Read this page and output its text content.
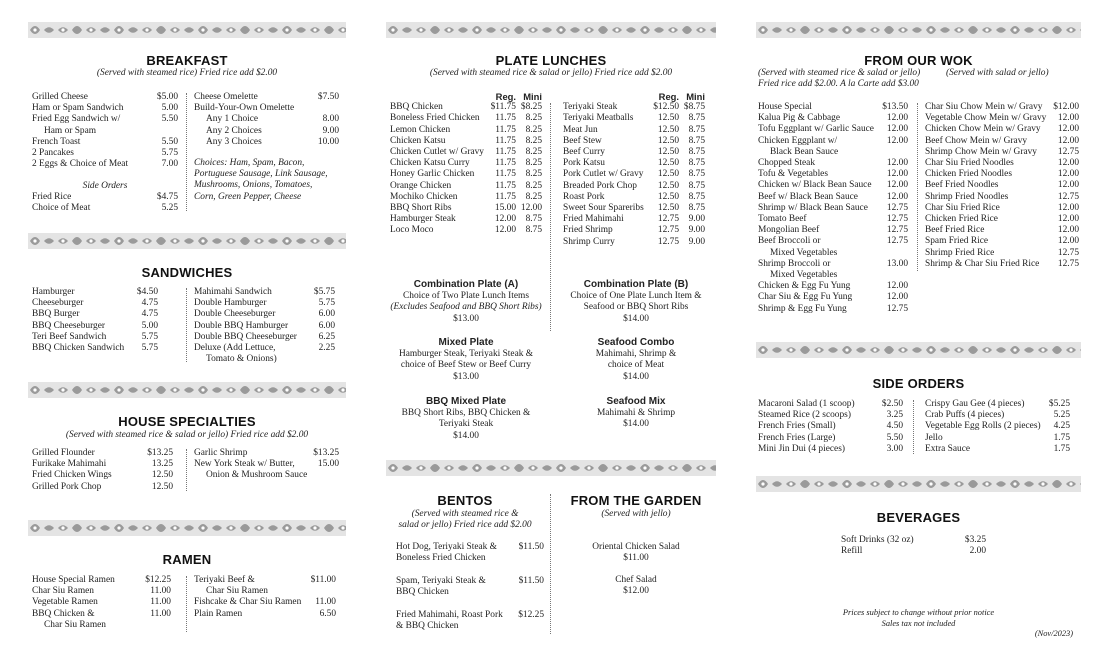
BREAKFAST
(Served with steamed rice) Fried rice add $2.00
Grilled Cheese	$5.00
Ham or Spam Sandwich	5.00
Fried Egg Sandwich w/	5.50
Ham or Spam
French Toast	5.50
2 Pancakes	5.75
2 Eggs & Choice of Meat	7.00
Side Orders
Fried Rice	$4.75
Choice of Meat	5.25
Cheese Omelette	$7.50
Build-Your-Own Omelette
Any 1 Choice	8.00
Any 2 Choices	9.00
Any 3 Choices	10.00
Choices: Ham, Spam, Bacon,
Portuguese Sausage, Link Sausage,
Mushrooms, Onions, Tomatoes,
Corn, Green Pepper, Cheese
SANDWICHES
Hamburger	$4.50
Cheeseburger	4.75
BBQ Burger	4.75
BBQ Cheeseburger	5.00
Teri Beef Sandwich	5.75
BBQ Chicken Sandwich	5.75
Mahimahi Sandwich	$5.75
Double Hamburger	5.75
Double Cheeseburger	6.00
Double BBQ Hamburger	6.00
Double BBQ Cheeseburger	6.25
Deluxe (Add Lettuce,	2.25
Tomato & Onions)
HOUSE SPECIALTIES
(Served with steamed rice & salad or jello) Fried rice add $2.00
Grilled Flounder	$13.25
Furikake Mahimahi	13.25
Fried Chicken Wings	12.50
Grilled Pork Chop	12.50
Garlic Shrimp	$13.25
New York Steak w/ Butter,	15.00
Onion & Mushroom Sauce
RAMEN
House Special Ramen	$12.25
Char Siu Ramen	11.00
Vegetable Ramen	11.00
BBQ Chicken &	11.00
Char Siu Ramen
Teriyaki Beef &	$11.00
Char Siu Ramen
Fishcake & Char Siu Ramen	11.00
Plain Ramen	6.50
PLATE LUNCHES
(Served with steamed rice & salad or jello) Fried rice add $2.00
Reg. Mini
BBQ Chicken	$11.75 $8.25
Boneless Fried Chicken	11.75	8.25
Lemon Chicken	11.75	8.25
Chicken Katsu	11.75	8.25
Chicken Cutlet w/ Gravy	11.75	8.25
Chicken Katsu Curry	11.75	8.25
Honey Garlic Chicken	11.75	8.25
Orange Chicken	11.75	8.25
Mochiko Chicken	11.75	8.25
BBQ Short Ribs	15.00 12.00
Hamburger Steak	12.00	8.75
Loco Moco	12.00	8.75
Reg. Mini
Teriyaki Steak	$12.50 $8.75
Teriyaki Meatballs	12.50	8.75
Meat Jun	12.50	8.75
Beef Stew	12.50	8.75
Beef Curry	12.50	8.75
Pork Katsu	12.50	8.75
Pork Cutlet w/ Gravy	12.50	8.75
Breaded Pork Chop	12.50	8.75
Roast Pork	12.50	8.75
Sweet Sour Spareribs	12.50	8.75
Fried Mahimahi	12.75	9.00
Fried Shrimp	12.75	9.00
Shrimp Curry	12.75	9.00
Combination Plate (A)
Choice of Two Plate Lunch Items
(Excludes Seafood and BBQ Short Ribs)
$13.00
Combination Plate (B)
Choice of One Plate Lunch Item &
Seafood or BBQ Short Ribs
$14.00
Mixed Plate
Hamburger Steak, Teriyaki Steak &
choice of Beef Stew or Beef Curry
$13.00
Seafood Combo
Mahimahi, Shrimp &
choice of Meat
$14.00
BBQ Mixed Plate
BBQ Short Ribs, BBQ Chicken &
Teriyaki Steak
$14.00
Seafood Mix
Mahimahi & Shrimp
$14.00
BENTOS
(Served with steamed rice &
salad or jello) Fried rice add $2.00
Hot Dog, Teriyaki Steak & $11.50
Boneless Fried Chicken
Spam, Teriyaki Steak &	$11.50
BBQ Chicken
Fried Mahimahi, Roast Pork $12.25
& BBQ Chicken
FROM THE GARDEN
(Served with jello)
Oriental Chicken Salad
$11.00
Chef Salad
$12.00
FROM OUR WOK
(Served with steamed rice & salad or jello)	(Served with salad or jello)
Fried rice add $2.00. A la Carte add $3.00
House Special	$13.50
Kalua Pig & Cabbage	12.00
Tofu Eggplant w/ Garlic Sauce	12.00
Chicken Eggplant w/	12.00
Black Bean Sauce
Chopped Steak	12.00
Tofu & Vegetables	12.00
Chicken w/ Black Bean Sauce	12.00
Beef w/ Black Bean Sauce	12.00
Shrimp w/ Black Bean Sauce	12.75
Tomato Beef	12.75
Mongolian Beef	12.75
Beef Broccoli or	12.75
Mixed Vegetables
Shrimp Broccoli or	13.00
Mixed Vegetables
Chicken & Egg Fu Yung	12.00
Char Siu & Egg Fu Yung	12.00
Shrimp & Egg Fu Yung	12.75
Char Siu Chow Mein w/ Gravy $12.00
Vegetable Chow Mein w/ Gravy	12.00
Chicken Chow Mein w/ Gravy	12.00
Beef Chow Mein w/ Gravy	12.00
Shrimp Chow Mein w/ Gravy	12.75
Char Siu Fried Noodles	12.00
Chicken Fried Noodles	12.00
Beef Fried Noodles	12.00
Shrimp Fried Noodles	12.75
Char Siu Fried Rice	12.00
Chicken Fried Rice	12.00
Beef Fried Rice	12.00
Spam Fried Rice	12.00
Shrimp Fried Rice	12.75
Shrimp & Char Siu Fried Rice	12.75
SIDE ORDERS
Macaroni Salad (1 scoop)	$2.50
Steamed Rice (2 scoops)	3.25
French Fries (Small)	4.50
French Fries (Large)	5.50
Mini Jin Dui (4 pieces)	3.00
Crispy Gau Gee (4 pieces)	$5.25
Crab Puffs (4 pieces)	5.25
Vegetable Egg Rolls (2 pieces)	4.25
Jello	1.75
Extra Sauce	1.75
BEVERAGES
Soft Drinks (32 oz)	$3.25
Refill	2.00
Prices subject to change without prior notice
Sales tax not included
(Nov/2023)
